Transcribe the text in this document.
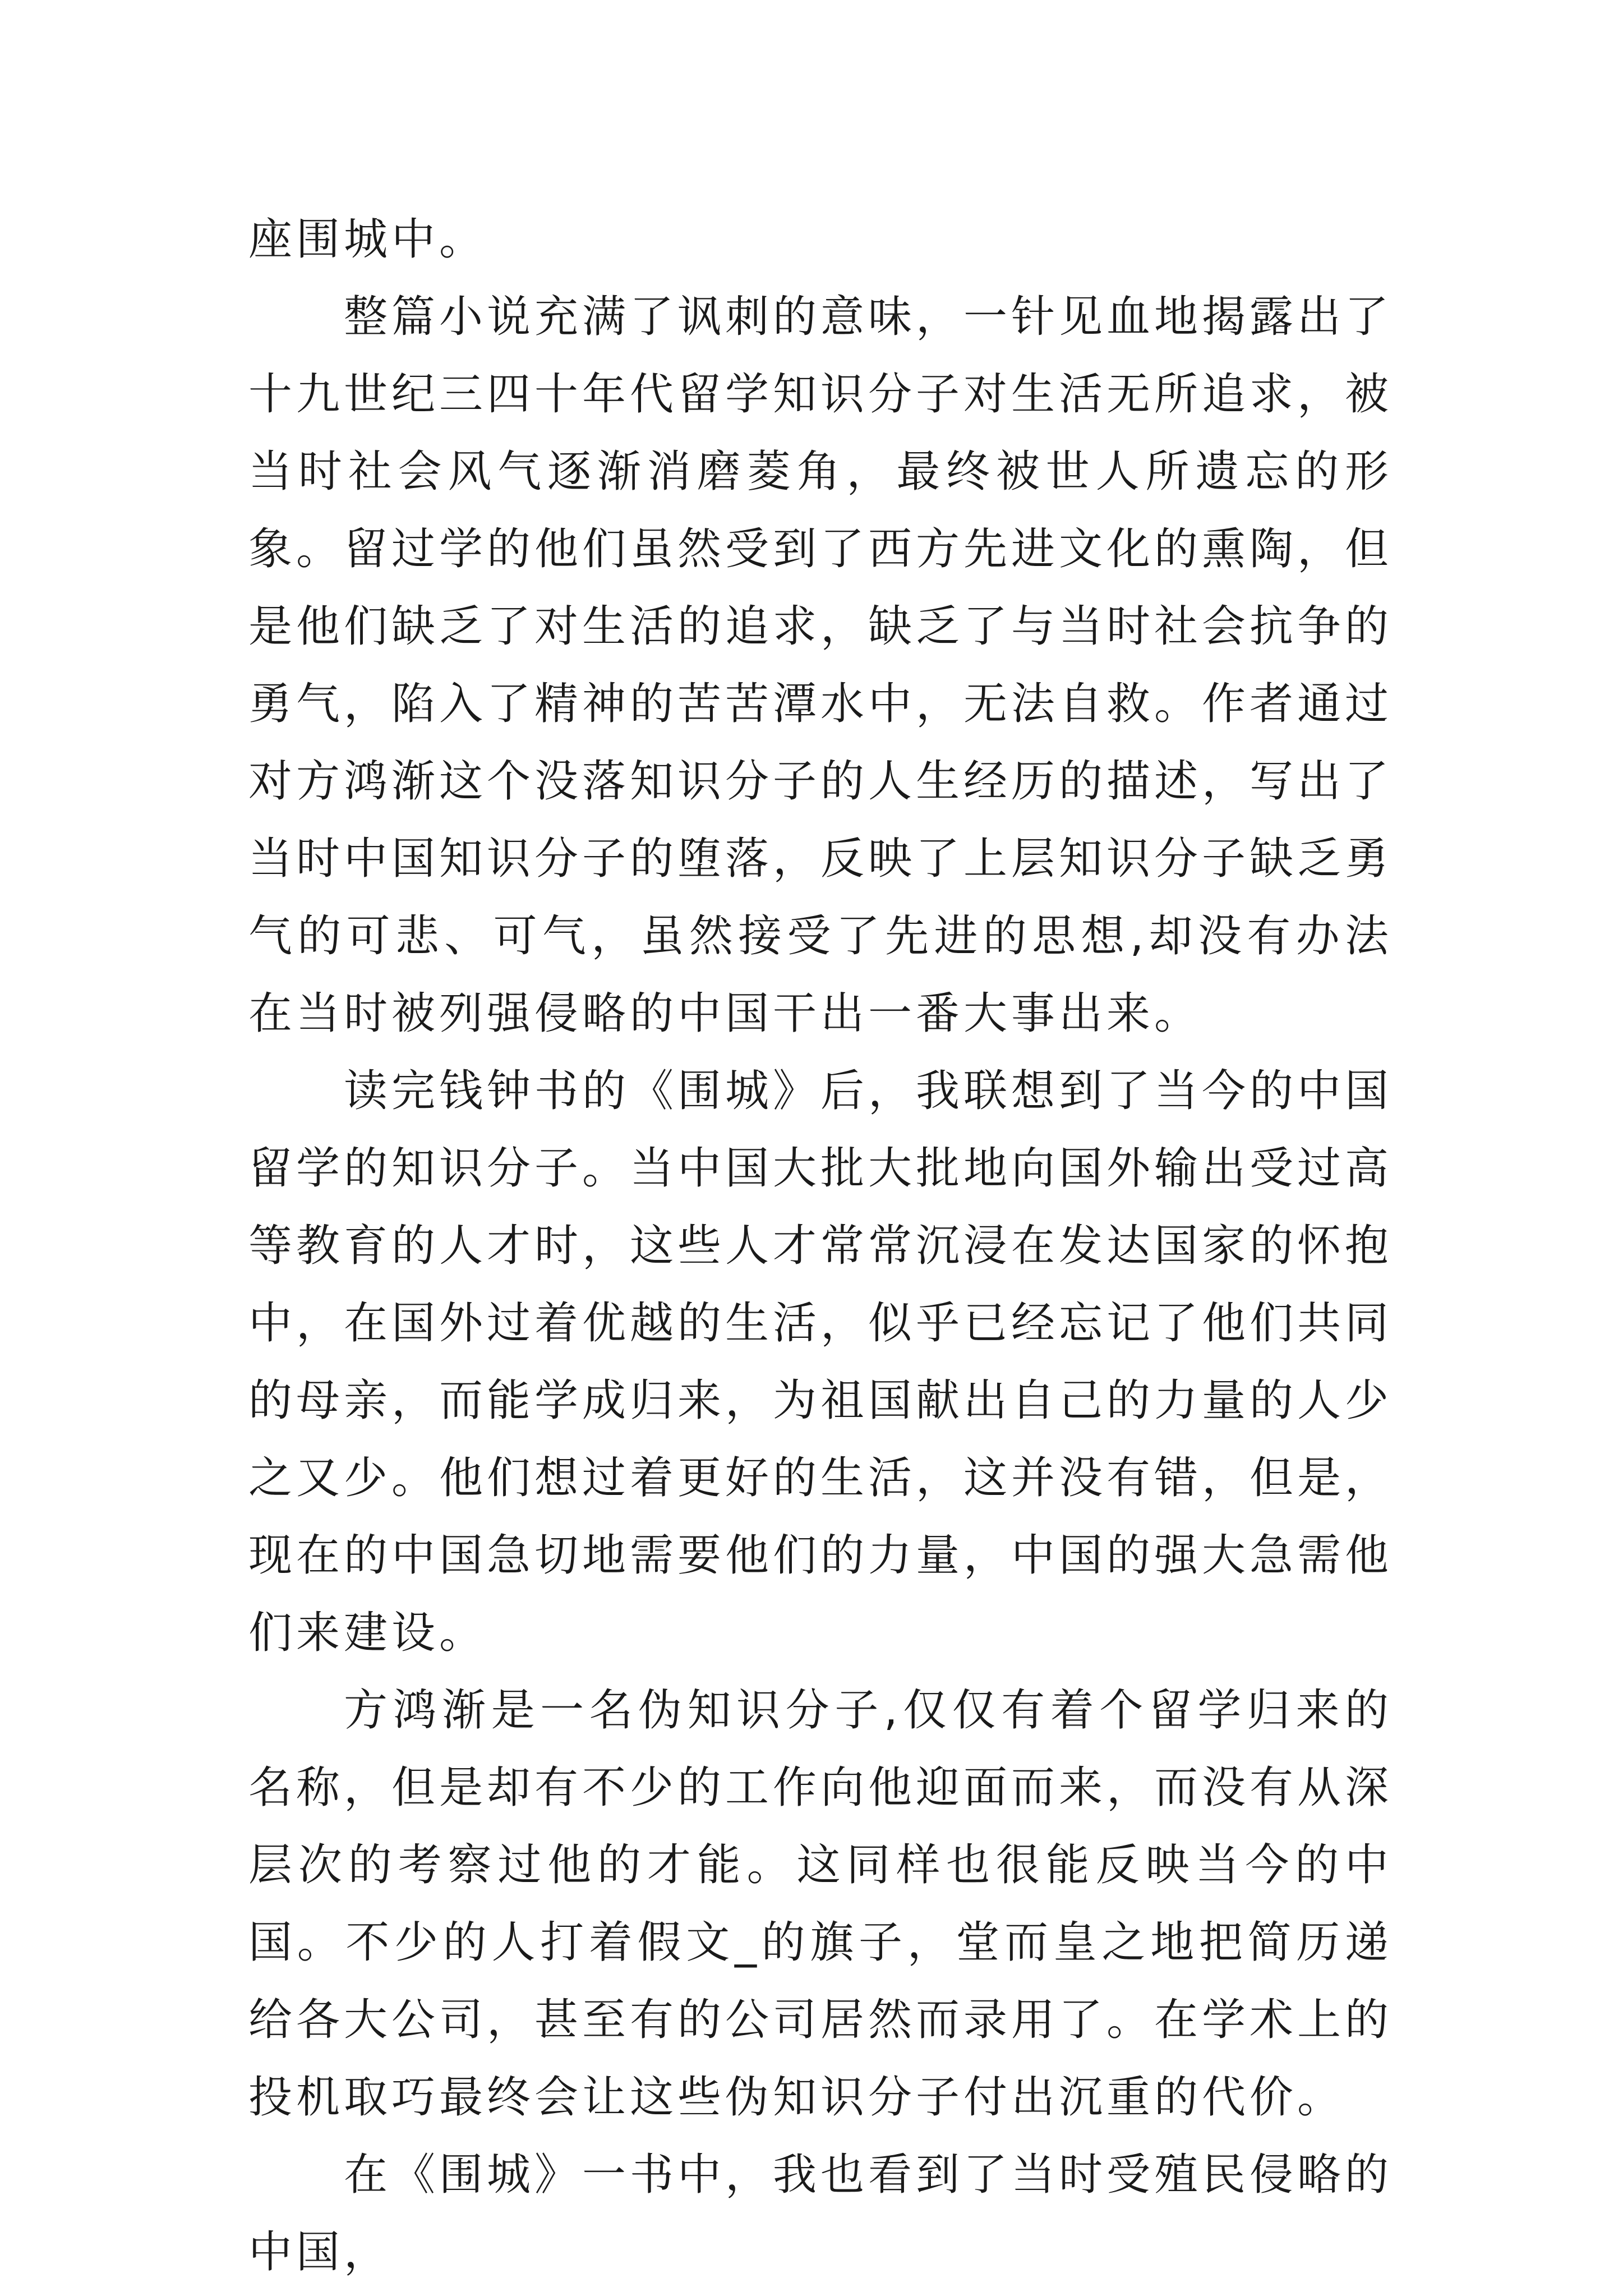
座围城中。

整篇小说充满了讽刺的意味，一针见血地揭露出了十九世纪三四十年代留学知识分子对生活无所追求，被当时社会风气逐渐消磨菱角，最终被世人所遗忘的形象。留过学的他们虽然受到了西方先进文化的熏陶，但是他们缺乏了对生活的追求，缺乏了与当时社会抗争的勇气，陷入了精神的苦苦潭水中，无法自救。作者通过对方鸿渐这个没落知识分子的人生经历的描述，写出了当时中国知识分子的堕落，反映了上层知识分子缺乏勇气的可悲、可气，虽然接受了先进的思想,却没有办法在当时被列强侵略的中国干出一番大事出来。

读完钱钟书的《围城》后，我联想到了当今的中国留学的知识分子。当中国大批大批地向国外输出受过高等教育的人才时，这些人才常常沉浸在发达国家的怀抱中，在国外过着优越的生活，似乎已经忘记了他们共同的母亲，而能学成归来，为祖国献出自己的力量的人少之又少。他们想过着更好的生活，这并没有错，但是，现在的中国急切地需要他们的力量，中国的强大急需他们来建设。

方鸿渐是一名伪知识分子,仅仅有着个留学归来的名称，但是却有不少的工作向他迎面而来，而没有从深层次的考察过他的才能。这同样也很能反映当今的中国。不少的人打着假文_的旗子，堂而皇之地把简历递给各大公司，甚至有的公司居然而录用了。在学术上的投机取巧最终会让这些伪知识分子付出沉重的代价。

在《围城》一书中，我也看到了当时受殖民侵略的中国，
